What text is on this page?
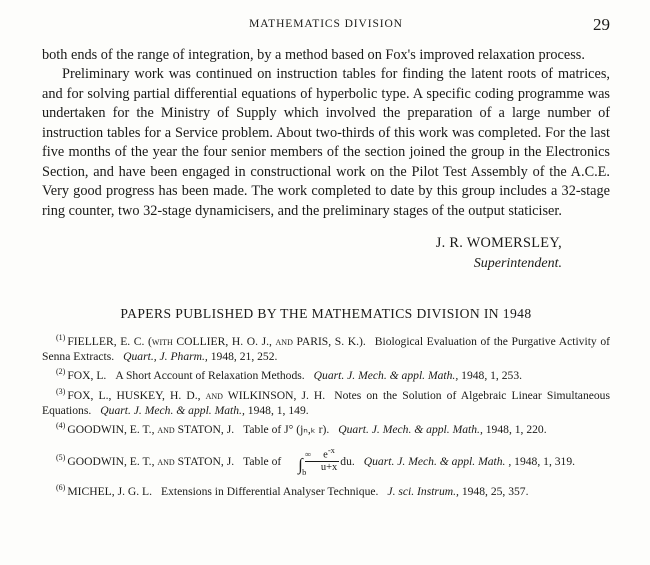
MATHEMATICS DIVISION	29

both ends of the range of integration, by a method based on Fox's improved relaxation process.

Preliminary work was continued on instruction tables for finding the latent roots of matrices, and for solving partial differential equations of hyperbolic type. A specific coding programme was undertaken for the Ministry of Supply which involved the preparation of a large number of instruction tables for a Service problem. About two-thirds of this work was completed. For the last five months of the year the four senior members of the section joined the group in the Electronics Section, and have been engaged in constructional work on the Pilot Test Assembly of the A.C.E. Very good progress has been made. The work completed to date by this group includes a 32-stage ring counter, two 32-stage dynamicisers, and the preliminary stages of the output staticiser.

J. R. WOMERSLEY,
Superintendent.
PAPERS PUBLISHED BY THE MATHEMATICS DIVISION IN 1948
$^{(1)}$ FIELLER, E. C. (with COLLIER, H. O. J., and PARIS, S. K.). Biological Evaluation of the Purgative Activity of Senna Extracts. Quart., J. Pharm., 1948, 21, 252.
$^{(2)}$ FOX, L. A Short Account of Relaxation Methods. Quart. J. Mech. & appl. Math., 1948, 1, 253.
$^{(3)}$ FOX, L., HUSKEY, H. D., and WILKINSON, J. H. Notes on the Solution of Algebraic Linear Simultaneous Equations. Quart. J. Mech. & appl. Math., 1948, 1, 149.
$^{(4)}$ GOODWIN, E. T., and STATON, J. Table of J° (jₙ,ₖ r). Quart. J. Mech. & appl. Math., 1948, 1, 220.
$^{(5)}$ GOODWIN, E. T., and STATON, J. Table of ∫
∞
b
$\frac{e^{-x}}{u+x}$ du. Quart. J. Mech. & appl. Math. , 1948, 1, 319.
$^{(6)}$ MICHEL, J. G. L. Extensions in Differential Analyser Technique. J. sci. Instrum., 1948, 25, 357.
